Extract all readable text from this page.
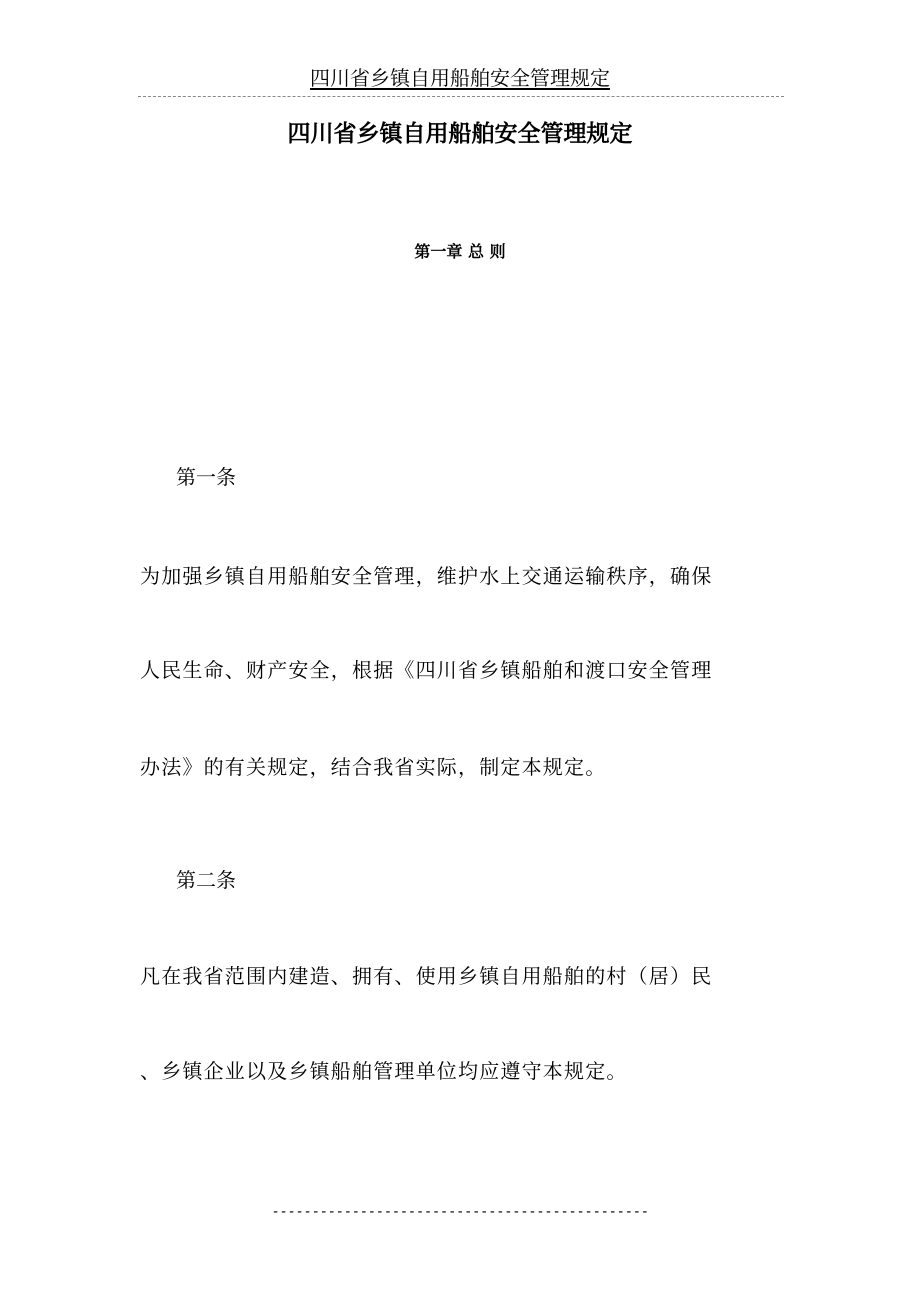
四川省乡镇自用船舶安全管理规定
四川省乡镇自用船舶安全管理规定
第一章 总 则
第一条
为加强乡镇自用船舶安全管理，维护水上交通运输秩序，确保
人民生命、财产安全，根据《四川省乡镇船舶和渡口安全管理
办法》的有关规定，结合我省实际，制定本规定。
第二条
凡在我省范围内建造、拥有、使用乡镇自用船舶的村（居）民
、乡镇企业以及乡镇船舶管理单位均应遵守本规定。
-----------------------------------------------
